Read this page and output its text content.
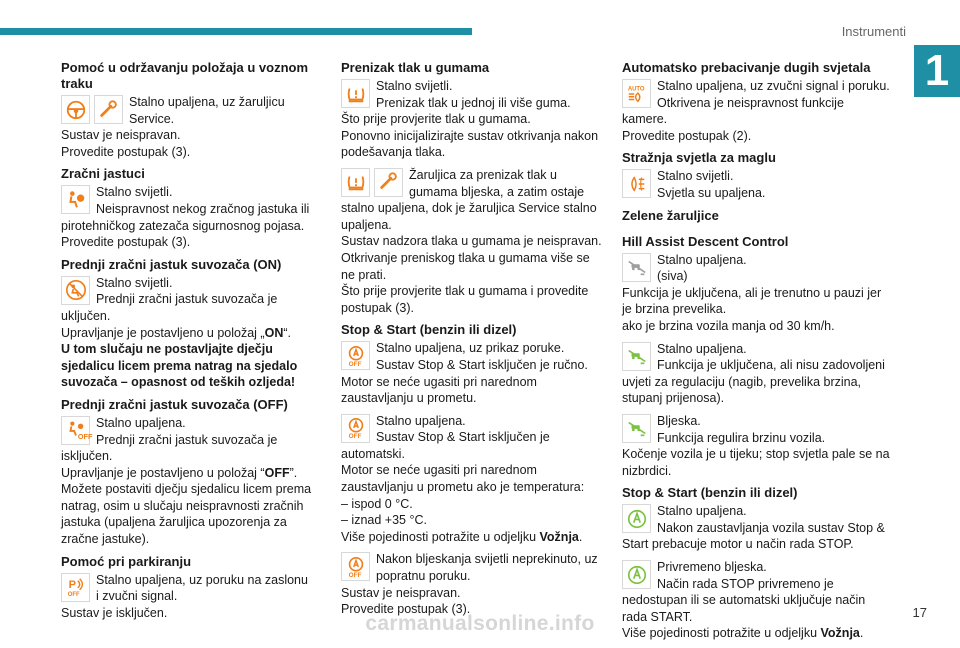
Instrumenti
1
Pomoć u održavanju položaja u voznom traku
Stalno upaljena, uz žaruljicu Service.

Sustav je neispravan.

Provedite postupak (3).

Zračni jastuci
Stalno svijetli.
Neispravnost nekog zračnog jastuka ili

pirotehničkog zatezača sigurnosnog pojasa.

Provedite postupak (3).

Prednji zračni jastuk suvozača (ON)
Stalno svijetli.
Prednji zračni jastuk suvozača je

uključen.

Upravljanje je postavljeno u položaj „ON“.

U tom slučaju ne postavljajte dječju sjedalicu licem prema natrag na sjedalo suvozača – opasnost od teških ozljeda!

Prednji zračni jastuk suvozača (OFF)
OFF
Stalno upaljena.
Prednji zračni jastuk suvozača je

isključen.

Upravljanje je postavljeno u položaj “OFF”.

Možete postaviti dječju sjedalicu licem prema natrag, osim u slučaju neispravnosti zračnih jastuka (upaljena žaruljica upozorenja za zračne jastuke).

Pomoć pri parkiranju
P
OFF
Stalno upaljena, uz poruku na zaslonu i zvučni signal.

Sustav je isključen.

Prenizak tlak u gumama
Stalno svijetli.
Prenizak tlak u jednoj ili više guma.

Što prije provjerite tlak u gumama.

Ponovno inicijalizirajte sustav otkrivanja nakon podešavanja tlaka.

Žaruljica za prenizak tlak u gumama bljeska, a zatim ostaje

stalno upaljena, dok je žaruljica Service stalno upaljena.

Sustav nadzora tlaka u gumama je neispravan.

Otkrivanje preniskog tlaka u gumama više se ne prati.

Što prije provjerite tlak u gumama i provedite postupak (3).

Stop & Start (benzin ili dizel)
OFF
Stalno upaljena, uz prikaz poruke.
Sustav Stop & Start isključen je ručno.

Motor se neće ugasiti pri narednom zaustavljanju u prometu.

OFF
Stalno upaljena.
Sustav Stop & Start isključen je

automatski.

Motor se neće ugasiti pri narednom zaustavljanju u prometu ako je temperatura:

– ispod 0 °C.

– iznad +35 °C.

Više pojedinosti potražite u odjeljku Vožnja.

OFF
Nakon bljeskanja svijetli neprekinuto, uz popratnu poruku.

Sustav je neispravan.

Provedite postupak (3).

Automatsko prebacivanje dugih svjetala
AUTO	Stalno upaljena, uz zvučni signal i poruku.
Otkrivena je neispravnost funkcije kamere.

Provedite postupak (2).

Stražnja svjetla za maglu
Stalno svijetli.
Svjetla su upaljena.
Zelene žaruljice
Hill Assist Descent Control
Stalno upaljena.
(siva)

Funkcija je uključena, ali je trenutno u pauzi jer je brzina prevelika.

ako je brzina vozila manja od 30 km/h.

Stalno upaljena.
Funkcija je uključena, ali nisu zadovoljeni

uvjeti za regulaciju (nagib, prevelika brzina, stupanj prijenosa).

Bljeska.
Funkcija regulira brzinu vozila.

Kočenje vozila je u tijeku; stop svjetla pale se na nizbrdici.

Stop & Start (benzin ili dizel)
Stalno upaljena.
Nakon zaustavljanja vozila sustav Stop &

Start prebacuje motor u način rada STOP.

Privremeno bljeska.
Način rada STOP privremeno je

nedostupan ili se automatski uključuje način rada START.

Više pojedinosti potražite u odjeljku Vožnja.

17
carmanualsonline.info
